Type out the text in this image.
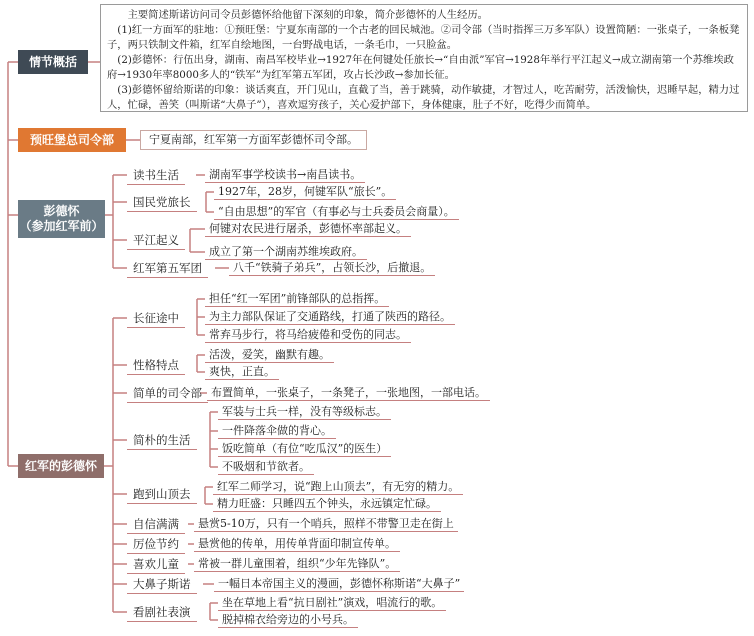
主要简述斯诺访问司令员彭德怀给他留下深刻的印象，简介彭德怀的人生经历。

(1)红一方面军的驻地：①预旺堡：宁夏东南部的一个古老的回民城池。②司令部（当时指挥三万多军队）设置简陋：一张桌子，一条板凳子，两只铁制文件箱，红军自绘地图，一台野战电话，一条毛巾，一只脸盆。

(2)彭德怀：行伍出身，湖南、南昌军校毕业→1927年在何键处任旅长→“自由派”军官→1928年举行平江起义→成立湖南第一个苏维埃政府→1930年率8000多人的“铁军”为红军第五军团，攻占长沙政→参加长征。

(3)彭德怀留给斯诺的印象：谈话爽直，开门见山，直截了当，善于跳骑，动作敏捷，才智过人，吃苦耐劳，活泼愉快，迟睡早起，精力过人，忙碌，善笑（叫斯诺“大鼻子”），喜欢逗穷孩子，关心爱护部下，身体健康，肚子不好，吃得少而简单。

情节概括
预旺堡总司令部
彭德怀
（参加红军前）
红军的彭德怀
宁夏南部，红军第一方面军彭德怀司令部。
读书生活	湖南军事学校读书→南昌读书。
国民党旅长
1927年，28岁，何键军队“旅长”。
“自由思想”的军官（有事必与士兵委员会商量）。
平江起义
何键对农民进行屠杀，彭德怀率部起义。
成立了第一个湖南苏维埃政府。
红军第五军团	八千“铁骑子弟兵”，占领长沙，后撤退。
长征途中
担任“红一军团”前锋部队的总指挥。
为主力部队保证了交通路线，打通了陕西的路径。
常弃马步行，将马给疲倦和受伤的同志。
性格特点
活泼，爱笑，幽默有趣。
爽快，正直。
简单的司令部 布置简单，一张桌子，一条凳子，一张地图，一部电话。
简朴的生活
军装与士兵一样，没有等级标志。
一件降落伞做的背心。
饭吃简单（有位“吃瓜汉”的医生）
不吸烟和节欲者。
跑到山顶去
红军二师学习，说“跑上山顶去”，有无穷的精力。
精力旺盛：只睡四五个钟头，永远镇定忙碌。
自信满满	悬赏5-10万，只有一个哨兵，照样不带警卫走在街上
厉俭节约	悬赏他的传单，用传单背面印制宣传单。
喜欢儿童	常被一群儿童围着，组织“少年先锋队”。
大鼻子斯诺	一幅日本帝国主义的漫画，彭德怀称斯诺“大鼻子”
看剧社表演
坐在草地上看“抗日剧社”演戏，唱流行的歌。
脱掉棉衣给旁边的小号兵。
